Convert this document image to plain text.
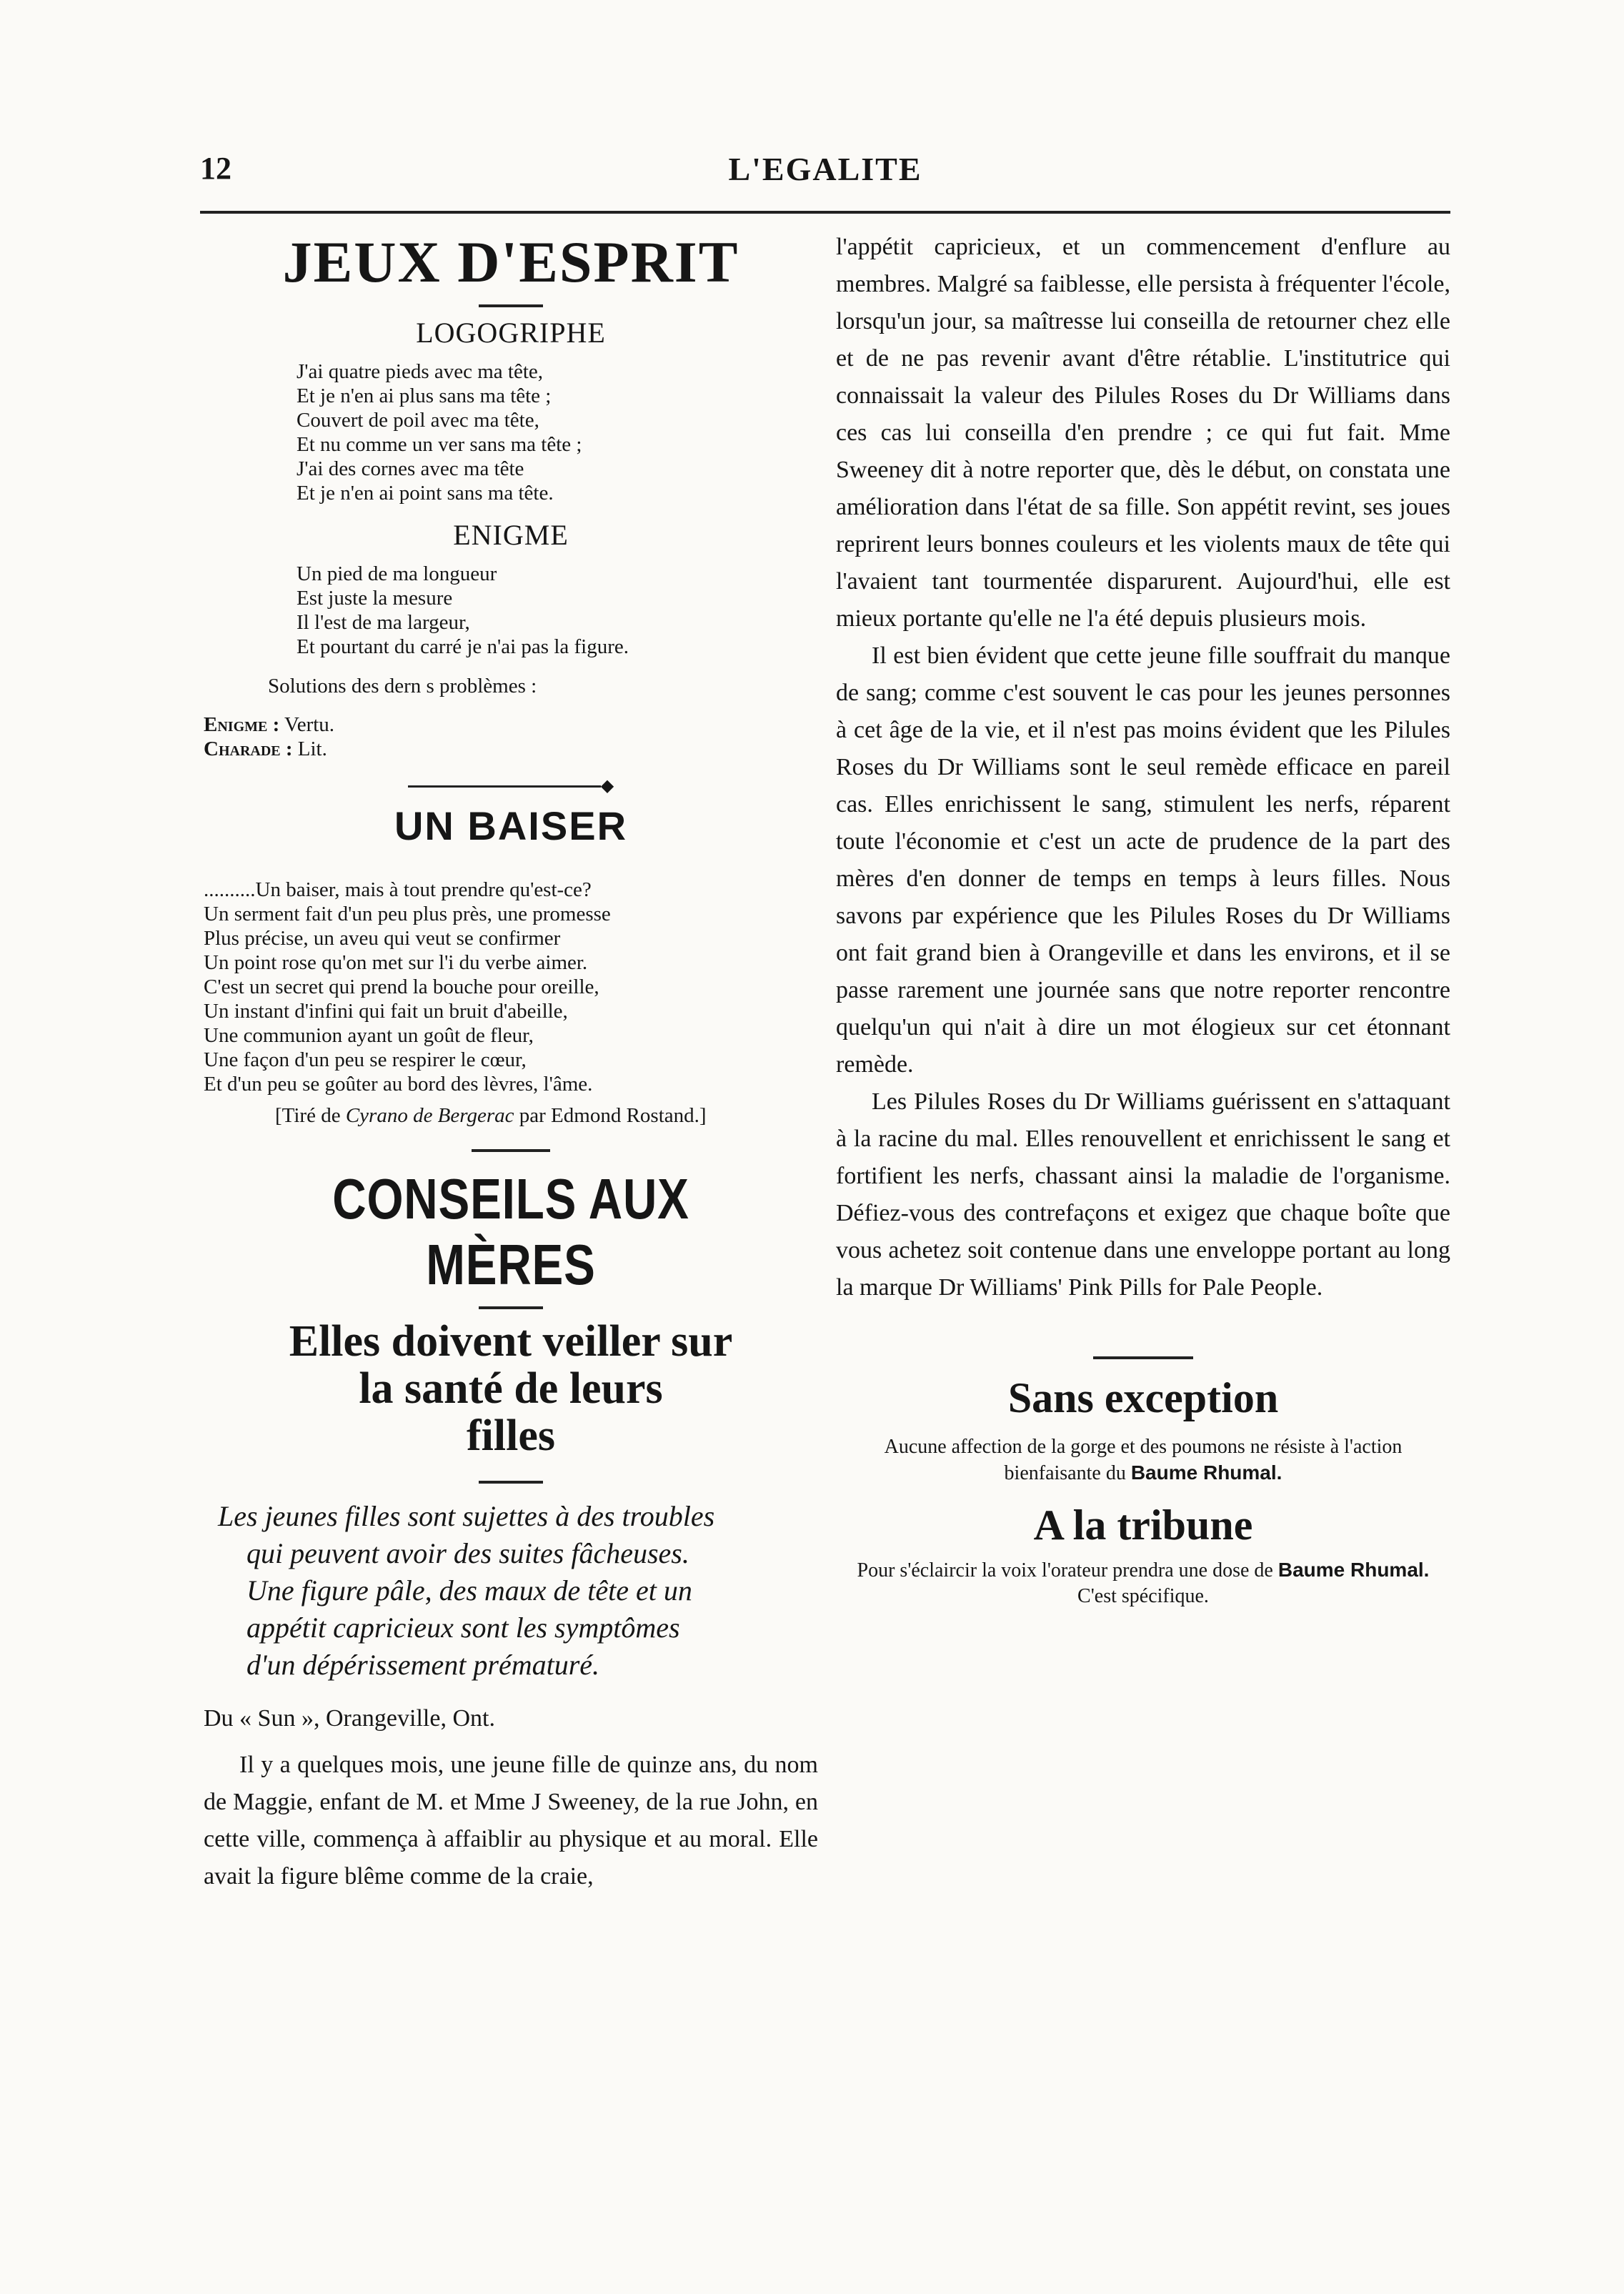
12	L'EGALITE
JEUX D'ESPRIT
LOGOGRIPHE
J'ai quatre pieds avec ma tête,
Et je n'en ai plus sans ma tête ;
Couvert de poil avec ma tête,
Et nu comme un ver sans ma tête ;
J'ai des cornes avec ma tête
Et je n'en ai point sans ma tête.
ENIGME
Un pied de ma longueur
Est juste la mesure
Il l'est de ma largeur,
Et pourtant du carré je n'ai pas la figure.
Solutions des dern s problèmes :
Enigme : Vertu.
Charade : Lit.
◆
UN BAISER
..........Un baiser, mais à tout prendre qu'est-ce?
Un serment fait d'un peu plus près, une promesse
Plus précise, un aveu qui veut se confirmer
Un point rose qu'on met sur l'i du verbe aimer.
C'est un secret qui prend la bouche pour oreille,
Un instant d'infini qui fait un bruit d'abeille,
Une communion ayant un goût de fleur,
Une façon d'un peu se respirer le cœur,
Et d'un peu se goûter au bord des lèvres, l'âme.
[Tiré de Cyrano de Bergerac par Edmond Rostand.]
CONSEILS AUX MÈRES
Elles doivent veiller sur
la santé de leurs
filles
Les jeunes filles sont sujettes à des troubles
qui peuvent avoir des suites fâcheuses.
Une figure pâle, des maux de tête et un
appétit capricieux sont les symptômes
d'un dépérissement prématuré.
Du « Sun », Orangeville, Ont.

Il y a quelques mois, une jeune fille de quinze ans, du nom de Maggie, enfant de M. et Mme J Sweeney, de la rue John, en cette ville, commença à affaiblir au physique et au moral. Elle avait la figure blême comme de la craie,

l'appétit capricieux, et un commencement d'enflure au membres. Malgré sa faiblesse, elle persista à fréquenter l'école, lorsqu'un jour, sa maîtresse lui conseilla de retourner chez elle et de ne pas revenir avant d'être rétablie. L'institutrice qui connaissait la valeur des Pilules Roses du Dr Williams dans ces cas lui conseilla d'en prendre ; ce qui fut fait. Mme Sweeney dit à notre reporter que, dès le début, on constata une amélioration dans l'état de sa fille. Son appétit revint, ses joues reprirent leurs bonnes couleurs et les violents maux de tête qui l'avaient tant tourmentée disparurent. Aujourd'hui, elle est mieux portante qu'elle ne l'a été depuis plusieurs mois.

Il est bien évident que cette jeune fille souffrait du manque de sang; comme c'est souvent le cas pour les jeunes personnes à cet âge de la vie, et il n'est pas moins évident que les Pilules Roses du Dr Williams sont le seul remède efficace en pareil cas. Elles enrichissent le sang, stimulent les nerfs, réparent toute l'économie et c'est un acte de prudence de la part des mères d'en donner de temps en temps à leurs filles. Nous savons par expérience que les Pilules Roses du Dr Williams ont fait grand bien à Orangeville et dans les environs, et il se passe rarement une journée sans que notre reporter rencontre quelqu'un qui n'ait à dire un mot élogieux sur cet étonnant remède.

Les Pilules Roses du Dr Williams guérissent en s'attaquant à la racine du mal. Elles renouvellent et enrichissent le sang et fortifient les nerfs, chassant ainsi la maladie de l'organisme. Défiez-vous des contrefaçons et exigez que chaque boîte que vous achetez soit contenue dans une enveloppe portant au long la marque Dr Williams' Pink Pills for Pale People.

Sans exception
Aucune affection de la gorge et des poumons ne résiste à l'action bienfaisante du Baume Rhumal.
A la tribune
Pour s'éclaircir la voix l'orateur prendra une dose de Baume Rhumal. C'est spécifique.
